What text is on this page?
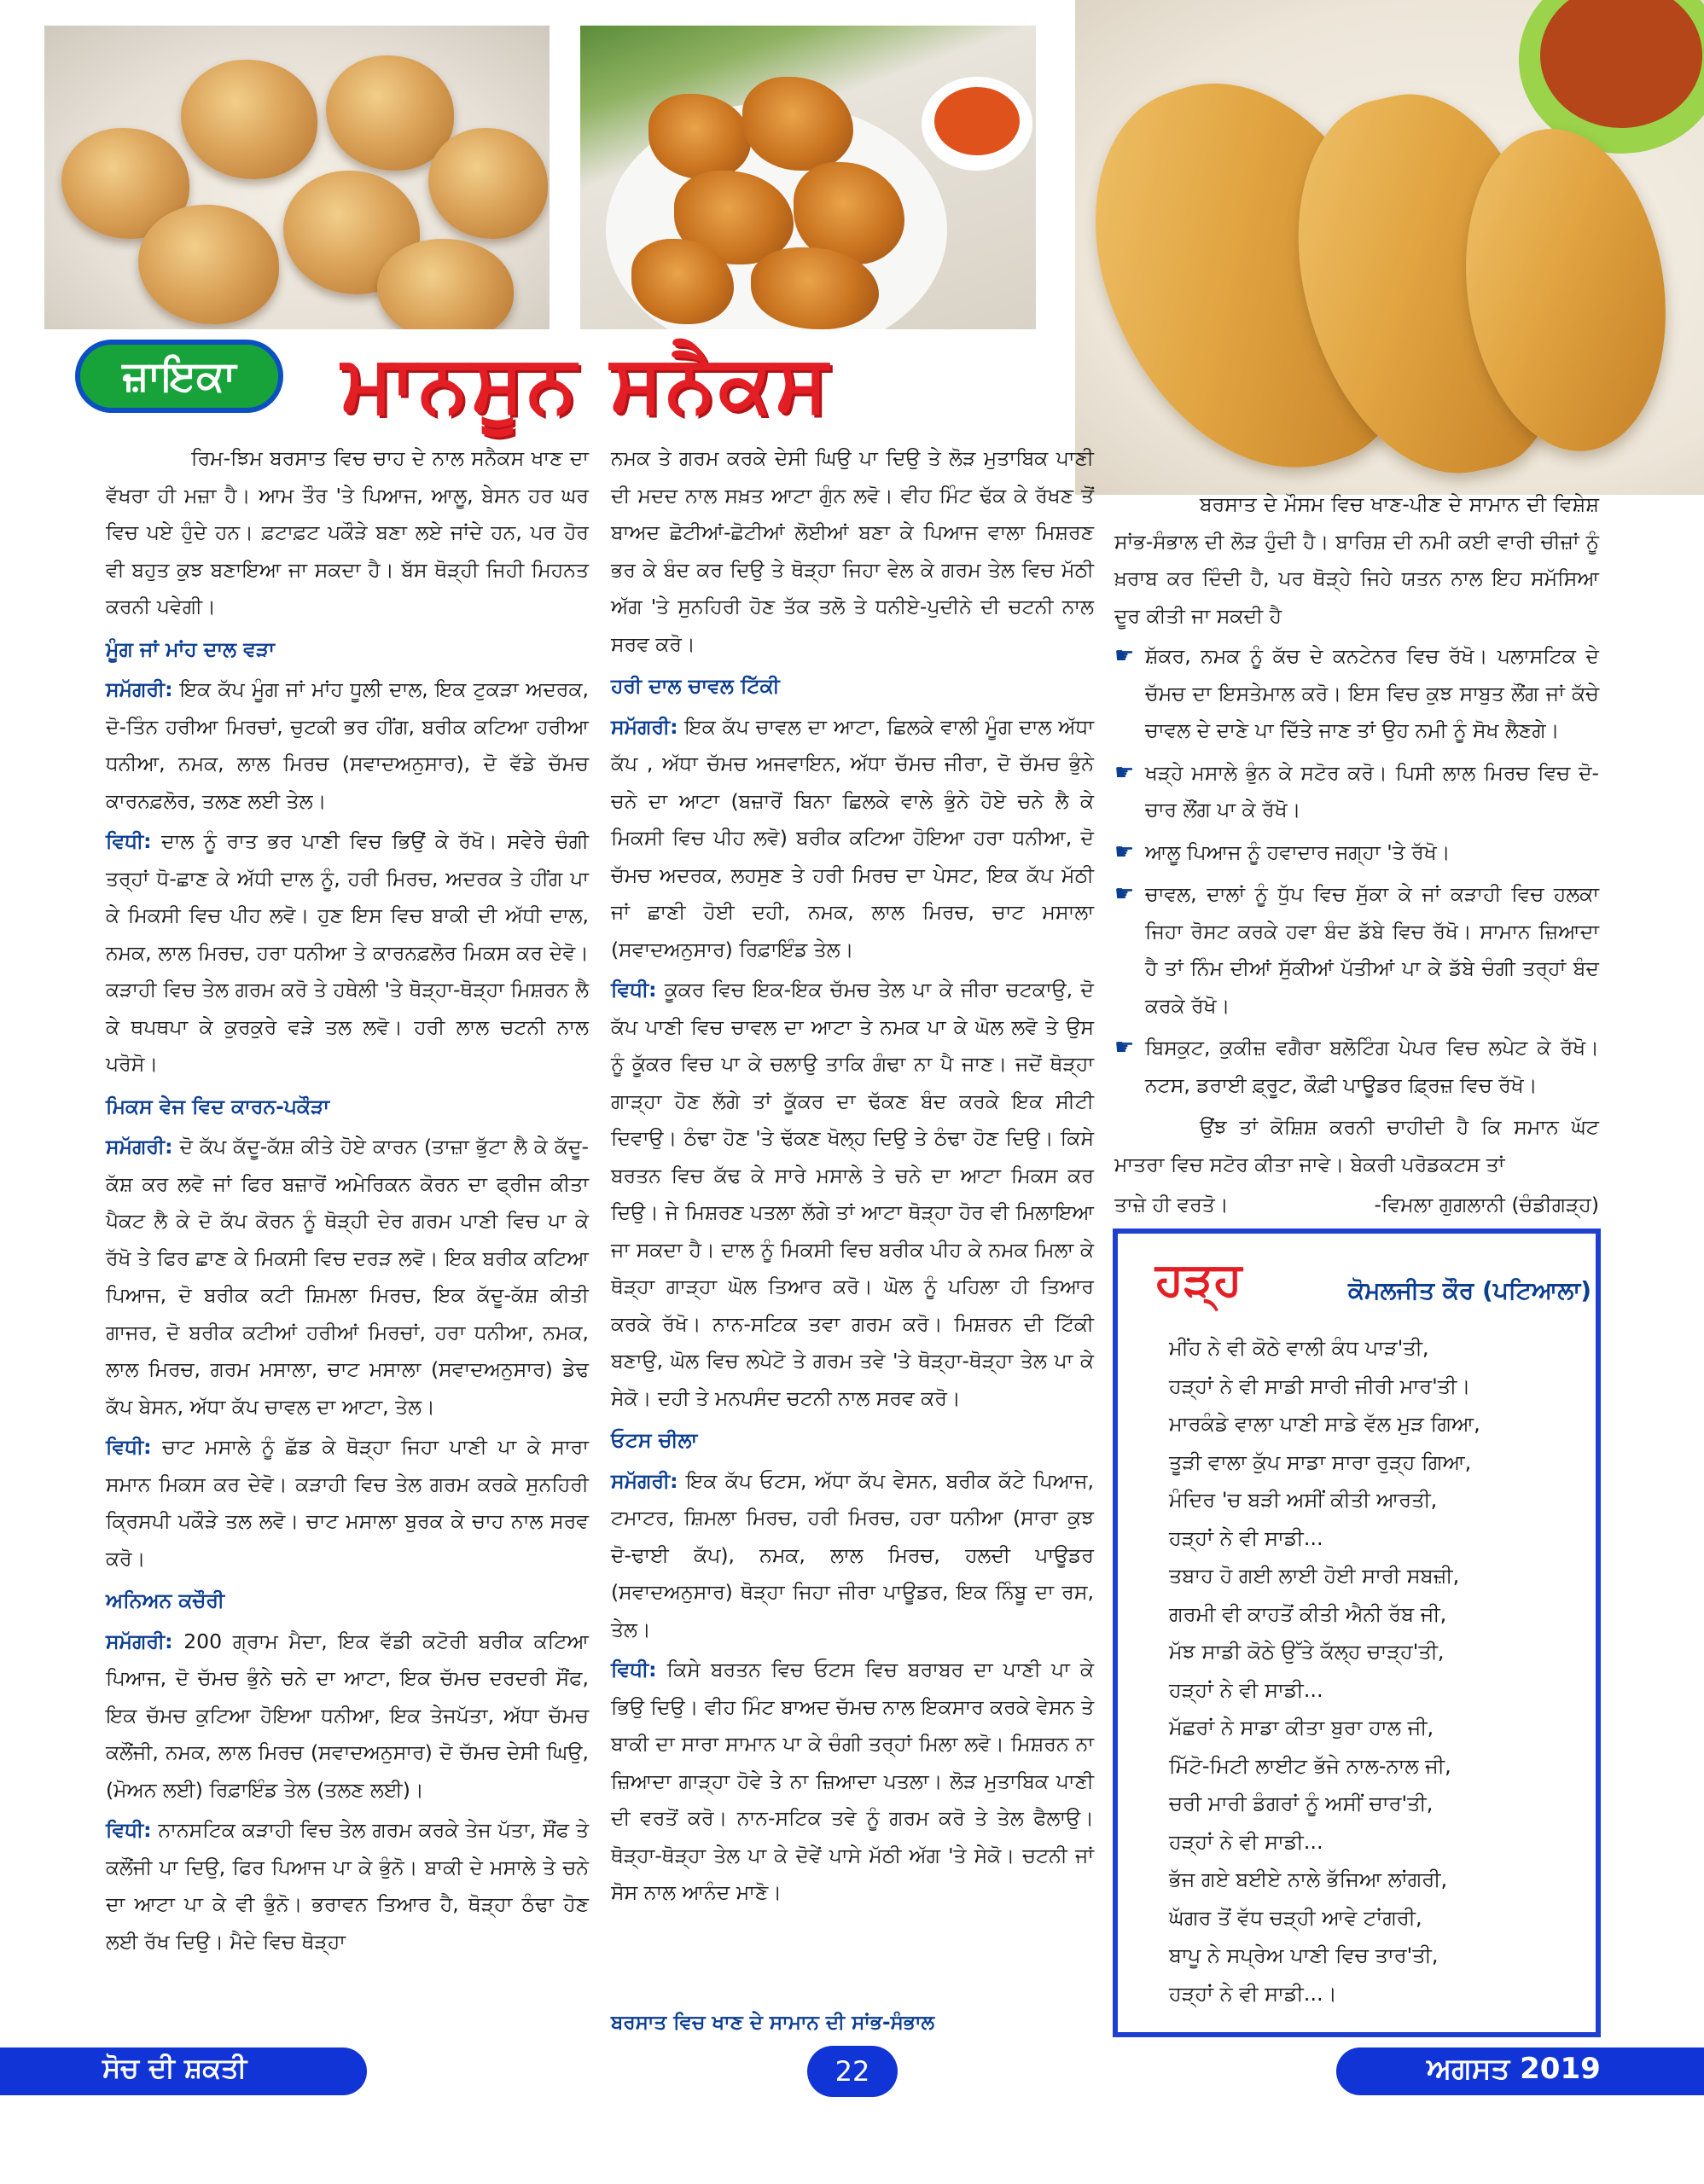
ਜ਼ਾਇਕਾ	ਮਾਨਸੂਨ ਸਨੈਕਸ

ਰਿਮ-ਝਿਮ ਬਰਸਾਤ ਵਿਚ ਚਾਹ ਦੇ ਨਾਲ ਸਨੈਕਸ ਖਾਣ ਦਾ ਵੱਖਰਾ ਹੀ ਮਜ਼ਾ ਹੈ। ਆਮ ਤੌਰ 'ਤੇ ਪਿਆਜ, ਆਲੂ, ਬੇਸਨ ਹਰ ਘਰ ਵਿਚ ਪਏ ਹੁੰਦੇ ਹਨ। ਫ਼ਟਾਫ਼ਟ ਪਕੌੜੇ ਬਣਾ ਲਏ ਜਾਂਦੇ ਹਨ, ਪਰ ਹੋਰ ਵੀ ਬਹੁਤ ਕੁਝ ਬਣਾਇਆ ਜਾ ਸਕਦਾ ਹੈ। ਬੱਸ ਥੋੜ੍ਹੀ ਜਿਹੀ ਮਿਹਨਤ ਕਰਨੀ ਪਵੇਗੀ।

ਮੂੰਗ ਜਾਂ ਮਾਂਹ ਦਾਲ ਵੜਾ

ਸਮੱਗਰੀ: ਇਕ ਕੱਪ ਮੂੰਗ ਜਾਂ ਮਾਂਹ ਧੂਲੀ ਦਾਲ, ਇਕ ਟੁਕੜਾ ਅਦਰਕ, ਦੋ-ਤਿੰਨ ਹਰੀਆ ਮਿਰਚਾਂ, ਚੁਟਕੀ ਭਰ ਹੀਂਗ, ਬਰੀਕ ਕਟਿਆ ਹਰੀਆ ਧਨੀਆ, ਨਮਕ, ਲਾਲ ਮਿਰਚ (ਸਵਾਦਅਨੁਸਾਰ), ਦੋ ਵੱਡੇ ਚੱਮਚ ਕਾਰਨਫ਼ਲੋਰ, ਤਲਣ ਲਈ ਤੇਲ।

ਵਿਧੀ: ਦਾਲ ਨੂੰ ਰਾਤ ਭਰ ਪਾਣੀ ਵਿਚ ਭਿਉਂ ਕੇ ਰੱਖੋ। ਸਵੇਰੇ ਚੰਗੀ ਤਰ੍ਹਾਂ ਧੋ-ਛਾਣ ਕੇ ਅੱਧੀ ਦਾਲ ਨੂੰ, ਹਰੀ ਮਿਰਚ, ਅਦਰਕ ਤੇ ਹੀਂਗ ਪਾ ਕੇ ਮਿਕਸੀ ਵਿਚ ਪੀਹ ਲਵੋ। ਹੁਣ ਇਸ ਵਿਚ ਬਾਕੀ ਦੀ ਅੱਧੀ ਦਾਲ, ਨਮਕ, ਲਾਲ ਮਿਰਚ, ਹਰਾ ਧਨੀਆ ਤੇ ਕਾਰਨਫ਼ਲੋਰ ਮਿਕਸ ਕਰ ਦੇਵੋ। ਕੜਾਹੀ ਵਿਚ ਤੇਲ ਗਰਮ ਕਰੋ ਤੇ ਹਥੇਲੀ 'ਤੇ ਥੋੜ੍ਹਾ-ਥੋੜ੍ਹਾ ਮਿਸ਼ਰਨ ਲੈ ਕੇ ਥਪਥਪਾ ਕੇ ਕੁਰਕੁਰੇ ਵੜੇ ਤਲ ਲਵੋ। ਹਰੀ ਲਾਲ ਚਟਨੀ ਨਾਲ ਪਰੋਸੋ।

ਮਿਕਸ ਵੇਜ ਵਿਦ ਕਾਰਨ-ਪਕੌੜਾ

ਸਮੱਗਰੀ: ਦੋ ਕੱਪ ਕੱਦੂ-ਕੱਸ਼ ਕੀਤੇ ਹੋਏ ਕਾਰਨ (ਤਾਜ਼ਾ ਭੁੱਟਾ ਲੈ ਕੇ ਕੱਦੂ-ਕੱਸ਼ ਕਰ ਲਵੋ ਜਾਂ ਫਿਰ ਬਜ਼ਾਰੋਂ ਅਮੇਰਿਕਨ ਕੋਰਨ ਦਾ ਫ੍ਰੀਜ ਕੀਤਾ ਪੈਕਟ ਲੈ ਕੇ ਦੋ ਕੱਪ ਕੋਰਨ ਨੂੰ ਥੋੜ੍ਹੀ ਦੇਰ ਗਰਮ ਪਾਣੀ ਵਿਚ ਪਾ ਕੇ ਰੱਖੋ ਤੇ ਫਿਰ ਛਾਣ ਕੇ ਮਿਕਸੀ ਵਿਚ ਦਰੜ ਲਵੋ। ਇਕ ਬਰੀਕ ਕਟਿਆ ਪਿਆਜ, ਦੋ ਬਰੀਕ ਕਟੀ ਸ਼ਿਮਲਾ ਮਿਰਚ, ਇਕ ਕੱਦੂ-ਕੱਸ਼ ਕੀਤੀ ਗਾਜਰ, ਦੋ ਬਰੀਕ ਕਟੀਆਂ ਹਰੀਆਂ ਮਿਰਚਾਂ, ਹਰਾ ਧਨੀਆ, ਨਮਕ, ਲਾਲ ਮਿਰਚ, ਗਰਮ ਮਸਾਲਾ, ਚਾਟ ਮਸਾਲਾ (ਸਵਾਦਅਨੁਸਾਰ) ਡੇਢ ਕੱਪ ਬੇਸਨ, ਅੱਧਾ ਕੱਪ ਚਾਵਲ ਦਾ ਆਟਾ, ਤੇਲ।

ਵਿਧੀ: ਚਾਟ ਮਸਾਲੇ ਨੂੰ ਛੱਡ ਕੇ ਥੋੜ੍ਹਾ ਜਿਹਾ ਪਾਣੀ ਪਾ ਕੇ ਸਾਰਾ ਸਮਾਨ ਮਿਕਸ ਕਰ ਦੇਵੋ। ਕੜਾਹੀ ਵਿਚ ਤੇਲ ਗਰਮ ਕਰਕੇ ਸੁਨਹਿਰੀ ਕ੍ਰਿਸਪੀ ਪਕੌੜੇ ਤਲ ਲਵੋ। ਚਾਟ ਮਸਾਲਾ ਬੁਰਕ ਕੇ ਚਾਹ ਨਾਲ ਸਰਵ ਕਰੋ।

ਅਨਿਅਨ ਕਚੌਰੀ

ਸਮੱਗਰੀ: 200 ਗ੍ਰਾਮ ਮੈਦਾ, ਇਕ ਵੱਡੀ ਕਟੋਰੀ ਬਰੀਕ ਕਟਿਆ ਪਿਆਜ, ਦੋ ਚੱਮਚ ਭੁੰਨੇ ਚਨੇ ਦਾ ਆਟਾ, ਇਕ ਚੱਮਚ ਦਰਦਰੀ ਸੌਂਫ, ਇਕ ਚੱਮਚ ਕੁਟਿਆ ਹੋਇਆ ਧਨੀਆ, ਇਕ ਤੇਜਪੱਤਾ, ਅੱਧਾ ਚੱਮਚ ਕਲੌਂਜੀ, ਨਮਕ, ਲਾਲ ਮਿਰਚ (ਸਵਾਦਅਨੁਸਾਰ) ਦੋ ਚੱਮਚ ਦੇਸੀ ਘਿਉ, (ਮੋਅਨ ਲਈ) ਰਿਫ਼ਾਇੰਡ ਤੇਲ (ਤਲਣ ਲਈ)।

ਵਿਧੀ: ਨਾਨਸਟਿਕ ਕੜਾਹੀ ਵਿਚ ਤੇਲ ਗਰਮ ਕਰਕੇ ਤੇਜ ਪੱਤਾ, ਸੌਂਫ ਤੇ ਕਲੌਂਜੀ ਪਾ ਦਿਉ, ਫਿਰ ਪਿਆਜ ਪਾ ਕੇ ਭੁੰਨੋ। ਬਾਕੀ ਦੇ ਮਸਾਲੇ ਤੇ ਚਨੇ ਦਾ ਆਟਾ ਪਾ ਕੇ ਵੀ ਭੁੰਨੋ। ਭਰਾਵਨ ਤਿਆਰ ਹੈ, ਥੋੜ੍ਹਾ ਠੰਢਾ ਹੋਣ ਲਈ ਰੱਖ ਦਿਉ। ਮੈਦੇ ਵਿਚ ਥੋੜ੍ਹਾ

ਨਮਕ ਤੇ ਗਰਮ ਕਰਕੇ ਦੇਸੀ ਘਿਉ ਪਾ ਦਿਉ ਤੇ ਲੋੜ ਮੁਤਾਬਿਕ ਪਾਣੀ ਦੀ ਮਦਦ ਨਾਲ ਸਖ਼ਤ ਆਟਾ ਗੁੰਨ ਲਵੋ। ਵੀਹ ਮਿੰਟ ਢੱਕ ਕੇ ਰੱਖਣ ਤੋਂ ਬਾਅਦ ਛੋਟੀਆਂ-ਛੋਟੀਆਂ ਲੋਈਆਂ ਬਣਾ ਕੇ ਪਿਆਜ ਵਾਲਾ ਮਿਸ਼ਰਣ ਭਰ ਕੇ ਬੰਦ ਕਰ ਦਿਉ ਤੇ ਥੋੜ੍ਹਾ ਜਿਹਾ ਵੇਲ ਕੇ ਗਰਮ ਤੇਲ ਵਿਚ ਮੱਠੀ ਅੱਗ 'ਤੇ ਸੁਨਹਿਰੀ ਹੋਣ ਤੱਕ ਤਲੋ ਤੇ ਧਨੀਏ-ਪੁਦੀਨੇ ਦੀ ਚਟਨੀ ਨਾਲ ਸਰਵ ਕਰੋ।

ਹਰੀ ਦਾਲ ਚਾਵਲ ਟਿੱਕੀ

ਸਮੱਗਰੀ: ਇਕ ਕੱਪ ਚਾਵਲ ਦਾ ਆਟਾ, ਛਿਲਕੇ ਵਾਲੀ ਮੂੰਗ ਦਾਲ ਅੱਧਾ ਕੱਪ , ਅੱਧਾ ਚੱਮਚ ਅਜਵਾਇਨ, ਅੱਧਾ ਚੱਮਚ ਜੀਰਾ, ਦੋ ਚੱਮਚ ਭੁੰਨੇ ਚਨੇ ਦਾ ਆਟਾ (ਬਜ਼ਾਰੋਂ ਬਿਨਾ ਛਿਲਕੇ ਵਾਲੇ ਭੁੰਨੇ ਹੋਏ ਚਨੇ ਲੈ ਕੇ ਮਿਕਸੀ ਵਿਚ ਪੀਹ ਲਵੋ) ਬਰੀਕ ਕਟਿਆ ਹੋਇਆ ਹਰਾ ਧਨੀਆ, ਦੋ ਚੱਮਚ ਅਦਰਕ, ਲਹਸੁਣ ਤੇ ਹਰੀ ਮਿਰਚ ਦਾ ਪੇਸਟ, ਇਕ ਕੱਪ ਮੱਠੀ ਜਾਂ ਛਾਣੀ ਹੋਈ ਦਹੀ, ਨਮਕ, ਲਾਲ ਮਿਰਚ, ਚਾਟ ਮਸਾਲਾ (ਸਵਾਦਅਨੁਸਾਰ) ਰਿਫ਼ਾਇੰਡ ਤੇਲ।

ਵਿਧੀ: ਕੂਕਰ ਵਿਚ ਇਕ-ਇਕ ਚੱਮਚ ਤੇਲ ਪਾ ਕੇ ਜੀਰਾ ਚਟਕਾਉ, ਦੋ ਕੱਪ ਪਾਣੀ ਵਿਚ ਚਾਵਲ ਦਾ ਆਟਾ ਤੇ ਨਮਕ ਪਾ ਕੇ ਘੋਲ ਲਵੋ ਤੇ ਉਸ ਨੂੰ ਕੂੱਕਰ ਵਿਚ ਪਾ ਕੇ ਚਲਾਉ ਤਾਕਿ ਗੰਢਾ ਨਾ ਪੈ ਜਾਣ। ਜਦੋਂ ਥੋੜ੍ਹਾ ਗਾੜ੍ਹਾ ਹੋਣ ਲੱਗੇ ਤਾਂ ਕੂੱਕਰ ਦਾ ਢੱਕਣ ਬੰਦ ਕਰਕੇ ਇਕ ਸੀਟੀ ਦਿਵਾਉ। ਠੰਢਾ ਹੋਣ 'ਤੇ ਢੱਕਣ ਖੋਲ੍ਹ ਦਿਉ ਤੇ ਠੰਢਾ ਹੋਣ ਦਿਉ। ਕਿਸੇ ਬਰਤਨ ਵਿਚ ਕੱਢ ਕੇ ਸਾਰੇ ਮਸਾਲੇ ਤੇ ਚਨੇ ਦਾ ਆਟਾ ਮਿਕਸ ਕਰ ਦਿਉ। ਜੇ ਮਿਸ਼ਰਣ ਪਤਲਾ ਲੱਗੇ ਤਾਂ ਆਟਾ ਥੋੜ੍ਹਾ ਹੋਰ ਵੀ ਮਿਲਾਇਆ ਜਾ ਸਕਦਾ ਹੈ। ਦਾਲ ਨੂੰ ਮਿਕਸੀ ਵਿਚ ਬਰੀਕ ਪੀਹ ਕੇ ਨਮਕ ਮਿਲਾ ਕੇ ਥੋੜ੍ਹਾ ਗਾੜ੍ਹਾ ਘੋਲ ਤਿਆਰ ਕਰੋ। ਘੋਲ ਨੂੰ ਪਹਿਲਾ ਹੀ ਤਿਆਰ ਕਰਕੇ ਰੱਖੋ। ਨਾਨ-ਸਟਿਕ ਤਵਾ ਗਰਮ ਕਰੋ। ਮਿਸ਼ਰਨ ਦੀ ਟਿੱਕੀ ਬਣਾਉ, ਘੋਲ ਵਿਚ ਲਪੇਟੋ ਤੇ ਗਰਮ ਤਵੇ 'ਤੇ ਥੋੜ੍ਹਾ-ਥੋੜ੍ਹਾ ਤੇਲ ਪਾ ਕੇ ਸੇਕੋ। ਦਹੀ ਤੇ ਮਨਪਸੰਦ ਚਟਨੀ ਨਾਲ ਸਰਵ ਕਰੋ।

ਓਟਸ ਚੀਲਾ

ਸਮੱਗਰੀ: ਇਕ ਕੱਪ ਓਟਸ, ਅੱਧਾ ਕੱਪ ਵੇਸਨ, ਬਰੀਕ ਕੱਟੇ ਪਿਆਜ, ਟਮਾਟਰ, ਸ਼ਿਮਲਾ ਮਿਰਚ, ਹਰੀ ਮਿਰਚ, ਹਰਾ ਧਨੀਆ (ਸਾਰਾ ਕੁਝ ਦੋ-ਢਾਈ ਕੱਪ), ਨਮਕ, ਲਾਲ ਮਿਰਚ, ਹਲਦੀ ਪਾਊਡਰ (ਸਵਾਦਅਨੁਸਾਰ) ਥੋੜ੍ਹਾ ਜਿਹਾ ਜੀਰਾ ਪਾਊਡਰ, ਇਕ ਨਿੰਬੂ ਦਾ ਰਸ, ਤੇਲ।

ਵਿਧੀ: ਕਿਸੇ ਬਰਤਨ ਵਿਚ ਓਟਸ ਵਿਚ ਬਰਾਬਰ ਦਾ ਪਾਣੀ ਪਾ ਕੇ ਭਿਉ ਦਿਉ। ਵੀਹ ਮਿੰਟ ਬਾਅਦ ਚੱਮਚ ਨਾਲ ਇਕਸਾਰ ਕਰਕੇ ਵੇਸਨ ਤੇ ਬਾਕੀ ਦਾ ਸਾਰਾ ਸਾਮਾਨ ਪਾ ਕੇ ਚੰਗੀ ਤਰ੍ਹਾਂ ਮਿਲਾ ਲਵੋ। ਮਿਸ਼ਰਨ ਨਾ ਜ਼ਿਆਦਾ ਗਾੜ੍ਹਾ ਹੋਵੇ ਤੇ ਨਾ ਜ਼ਿਆਦਾ ਪਤਲਾ। ਲੋੜ ਮੁਤਾਬਿਕ ਪਾਣੀ ਦੀ ਵਰਤੋਂ ਕਰੋ। ਨਾਨ-ਸਟਿਕ ਤਵੇ ਨੂੰ ਗਰਮ ਕਰੋ ਤੇ ਤੇਲ ਫੈਲਾਉ। ਥੋੜ੍ਹਾ-ਥੋੜ੍ਹਾ ਤੇਲ ਪਾ ਕੇ ਦੋਵੇਂ ਪਾਸੇ ਮੱਠੀ ਅੱਗ 'ਤੇ ਸੇਕੋ। ਚਟਨੀ ਜਾਂ ਸੋਸ ਨਾਲ ਆਨੰਦ ਮਾਣੋ।

ਬਰਸਾਤ ਵਿਚ ਖਾਣ ਦੇ ਸਾਮਾਨ ਦੀ ਸਾਂਭ-ਸੰਭਾਲ

ਬਰਸਾਤ ਦੇ ਮੌਸਮ ਵਿਚ ਖਾਣ-ਪੀਣ ਦੇ ਸਾਮਾਨ ਦੀ ਵਿਸ਼ੇਸ਼ ਸਾਂਭ-ਸੰਭਾਲ ਦੀ ਲੋੜ ਹੁੰਦੀ ਹੈ। ਬਾਰਿਸ਼ ਦੀ ਨਮੀ ਕਈ ਵਾਰੀ ਚੀਜ਼ਾਂ ਨੂੰ ਖ਼ਰਾਬ ਕਰ ਦਿੰਦੀ ਹੈ, ਪਰ ਥੋੜ੍ਹੇ ਜਿਹੇ ਯਤਨ ਨਾਲ ਇਹ ਸਮੱਸਿਆ ਦੂਰ ਕੀਤੀ ਜਾ ਸਕਦੀ ਹੈ

☛ ਸ਼ੱਕਰ, ਨਮਕ ਨੂੰ ਕੱਚ ਦੇ ਕਨਟੇਨਰ ਵਿਚ ਰੱਖੋ। ਪਲਾਸਟਿਕ ਦੇ ਚੱਮਚ ਦਾ ਇਸਤੇਮਾਲ ਕਰੋ। ਇਸ ਵਿਚ ਕੁਝ ਸਾਬੁਤ ਲੌਂਗ ਜਾਂ ਕੱਚੇ ਚਾਵਲ ਦੇ ਦਾਣੇ ਪਾ ਦਿੱਤੇ ਜਾਣ ਤਾਂ ਉਹ ਨਮੀ ਨੂੰ ਸੋਖ ਲੈਣਗੇ।
☛ ਖੜ੍ਹੇ ਮਸਾਲੇ ਭੁੰਨ ਕੇ ਸਟੋਰ ਕਰੋ। ਪਿਸੀ ਲਾਲ ਮਿਰਚ ਵਿਚ ਦੋ-ਚਾਰ ਲੌਂਗ ਪਾ ਕੇ ਰੱਖੋ।
☛ ਆਲੂ ਪਿਆਜ ਨੂੰ ਹਵਾਦਾਰ ਜਗ੍ਹਾ 'ਤੇ ਰੱਖੋ।
☛ ਚਾਵਲ, ਦਾਲਾਂ ਨੂੰ ਧੁੱਪ ਵਿਚ ਸੁੱਕਾ ਕੇ ਜਾਂ ਕੜਾਹੀ ਵਿਚ ਹਲਕਾ ਜਿਹਾ ਰੋਸਟ ਕਰਕੇ ਹਵਾ ਬੰਦ ਡੱਬੇ ਵਿਚ ਰੱਖੋ। ਸਾਮਾਨ ਜ਼ਿਆਦਾ ਹੈ ਤਾਂ ਨਿੰਮ ਦੀਆਂ ਸੁੱਕੀਆਂ ਪੱਤੀਆਂ ਪਾ ਕੇ ਡੱਬੇ ਚੰਗੀ ਤਰ੍ਹਾਂ ਬੰਦ ਕਰਕੇ ਰੱਖੋ।
☛ ਬਿਸਕੁਟ, ਕੁਕੀਜ਼ ਵਗੈਰਾ ਬਲੋਟਿੰਗ ਪੇਪਰ ਵਿਚ ਲਪੇਟ ਕੇ ਰੱਖੋ। ਨਟਸ, ਡਰਾਈ ਫ਼੍ਰੂਟ, ਕੌਫ਼ੀ ਪਾਊਡਰ ਫ਼੍ਰਿਜ਼ ਵਿਚ ਰੱਖੋ।

ਉਂਝ ਤਾਂ ਕੋਸ਼ਿਸ਼ ਕਰਨੀ ਚਾਹੀਦੀ ਹੈ ਕਿ ਸਮਾਨ ਘੱਟ ਮਾਤਰਾ ਵਿਚ ਸਟੋਰ ਕੀਤਾ ਜਾਵੇ। ਬੇਕਰੀ ਪਰੋਡਕਟਸ ਤਾਂ

ਤਾਜ਼ੇ ਹੀ ਵਰਤੋ।	-ਵਿਮਲਾ ਗੁਗਲਾਨੀ (ਚੰਡੀਗੜ੍ਹ)
ਹੜ੍ਹ	ਕੋਮਲਜੀਤ ਕੌਰ (ਪਟਿਆਲਾ)
ਮੀਂਹ ਨੇ ਵੀ ਕੋਠੇ ਵਾਲੀ ਕੰਧ ਪਾੜ'ਤੀ,
ਹੜ੍ਹਾਂ ਨੇ ਵੀ ਸਾਡੀ ਸਾਰੀ ਜੀਰੀ ਮਾਰ'ਤੀ।
ਮਾਰਕੰਡੇ ਵਾਲਾ ਪਾਣੀ ਸਾਡੇ ਵੱਲ ਮੁੜ ਗਿਆ,
ਤੂੜੀ ਵਾਲਾ ਕੁੱਪ ਸਾਡਾ ਸਾਰਾ ਰੁੜ੍ਹ ਗਿਆ,
ਮੰਦਿਰ 'ਚ ਬੜੀ ਅਸੀਂ ਕੀਤੀ ਆਰਤੀ,
ਹੜ੍ਹਾਂ ਨੇ ਵੀ ਸਾਡੀ...
ਤਬਾਹ ਹੋ ਗਈ ਲਾਈ ਹੋਈ ਸਾਰੀ ਸਬਜ਼ੀ,
ਗਰਮੀ ਵੀ ਕਾਹਤੋਂ ਕੀਤੀ ਐਨੀ ਰੱਬ ਜੀ,
ਮੱਝ ਸਾਡੀ ਕੋਠੇ ਉੱਤੇ ਕੱਲ੍ਹ ਚਾੜ੍ਹ'ਤੀ,
ਹੜ੍ਹਾਂ ਨੇ ਵੀ ਸਾਡੀ...
ਮੱਛਰਾਂ ਨੇ ਸਾਡਾ ਕੀਤਾ ਬੁਰਾ ਹਾਲ ਜੀ,
ਮਿੱਟੋ-ਮਿਟੀ ਲਾਈਟ ਭੱਜੇ ਨਾਲ-ਨਾਲ ਜੀ,
ਚਰੀ ਮਾਰੀ ਡੰਗਰਾਂ ਨੂੰ ਅਸੀਂ ਚਾਰ'ਤੀ,
ਹੜ੍ਹਾਂ ਨੇ ਵੀ ਸਾਡੀ...
ਭੱਜ ਗਏ ਬਈਏ ਨਾਲੇ ਭੱਜਿਆ ਲਾਂਗਰੀ,
ਘੱਗਰ ਤੋਂ ਵੱਧ ਚੜ੍ਹੀ ਆਵੇ ਟਾਂਗਰੀ,
ਬਾਪੂ ਨੇ ਸਪ੍ਰੇਅ ਪਾਣੀ ਵਿਚ ਤਾਰ'ਤੀ,
ਹੜ੍ਹਾਂ ਨੇ ਵੀ ਸਾਡੀ...।
ਸੋਚ ਦੀ ਸ਼ਕਤੀ	22	ਅਗਸਤ 2019
